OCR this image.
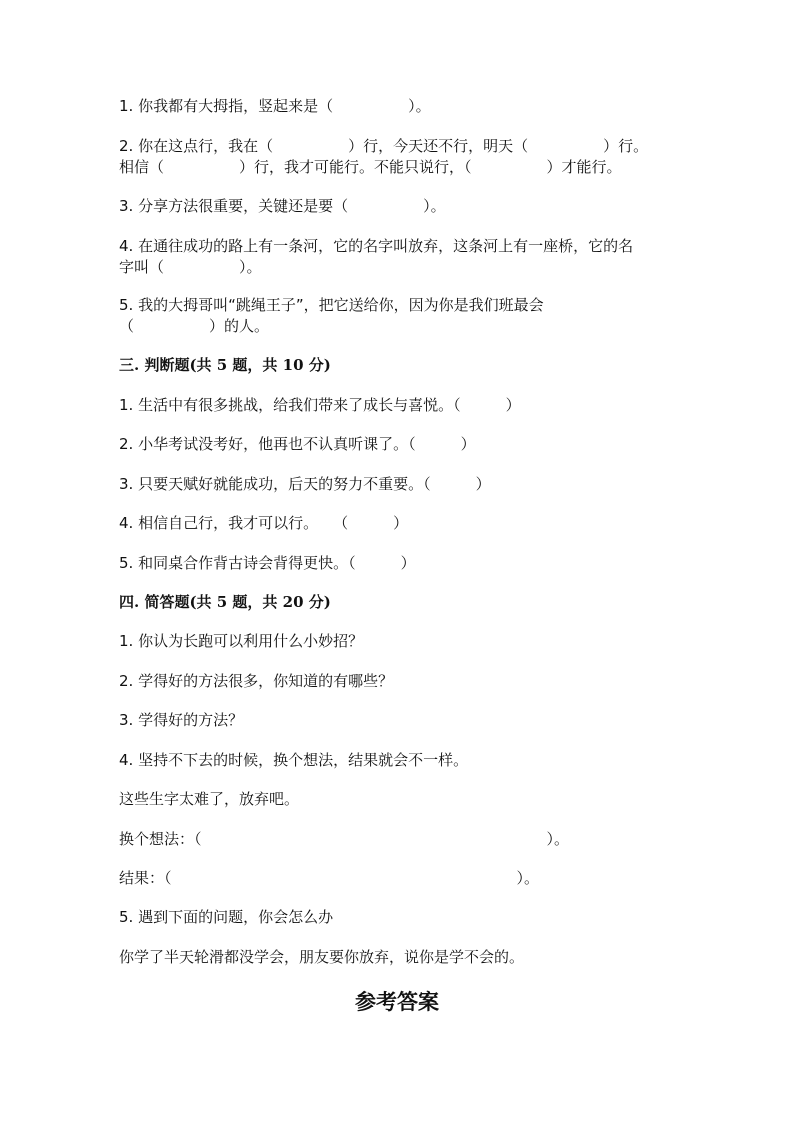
1. 你我都有大拇指，竖起来是（　　　　　）。
2. 你在这点行，我在（　　　　　）行，今天还不行，明天（　　　　　）行。
相信（　　　　　）行，我才可能行。不能只说行，（　　　　　）才能行。
3. 分享方法很重要，关键还是要（　　　　　）。
4. 在通往成功的路上有一条河，它的名字叫放弃，这条河上有一座桥，它的名
字叫（　　　　　）。
5. 我的大拇哥叫“跳绳王子”，把它送给你，因为你是我们班最会
（　　　　　）的人。
三. 判断题(共 5 题，共 10 分)
1. 生活中有很多挑战，给我们带来了成长与喜悦。（　　　）
2. 小华考试没考好，他再也不认真听课了。（　　　）
3. 只要天赋好就能成功，后天的努力不重要。（　　　）
4. 相信自己行，我才可以行。　　（　　　）
5. 和同桌合作背古诗会背得更快。（　　　）
四. 简答题(共 5 题，共 20 分)
1. 你认为长跑可以利用什么小妙招？
2. 学得好的方法很多，你知道的有哪些？
3. 学得好的方法？
4. 坚持不下去的时候，换个想法，结果就会不一样。
这些生字太难了，放弃吧。
换个想法：（　　　　　　　　　　　　　　　　　　　　　　　）。
结果：（　　　　　　　　　　　　　　　　　　　　　　　）。
5. 遇到下面的问题，你会怎么办
你学了半天轮滑都没学会，朋友要你放弃，说你是学不会的。
参考答案
